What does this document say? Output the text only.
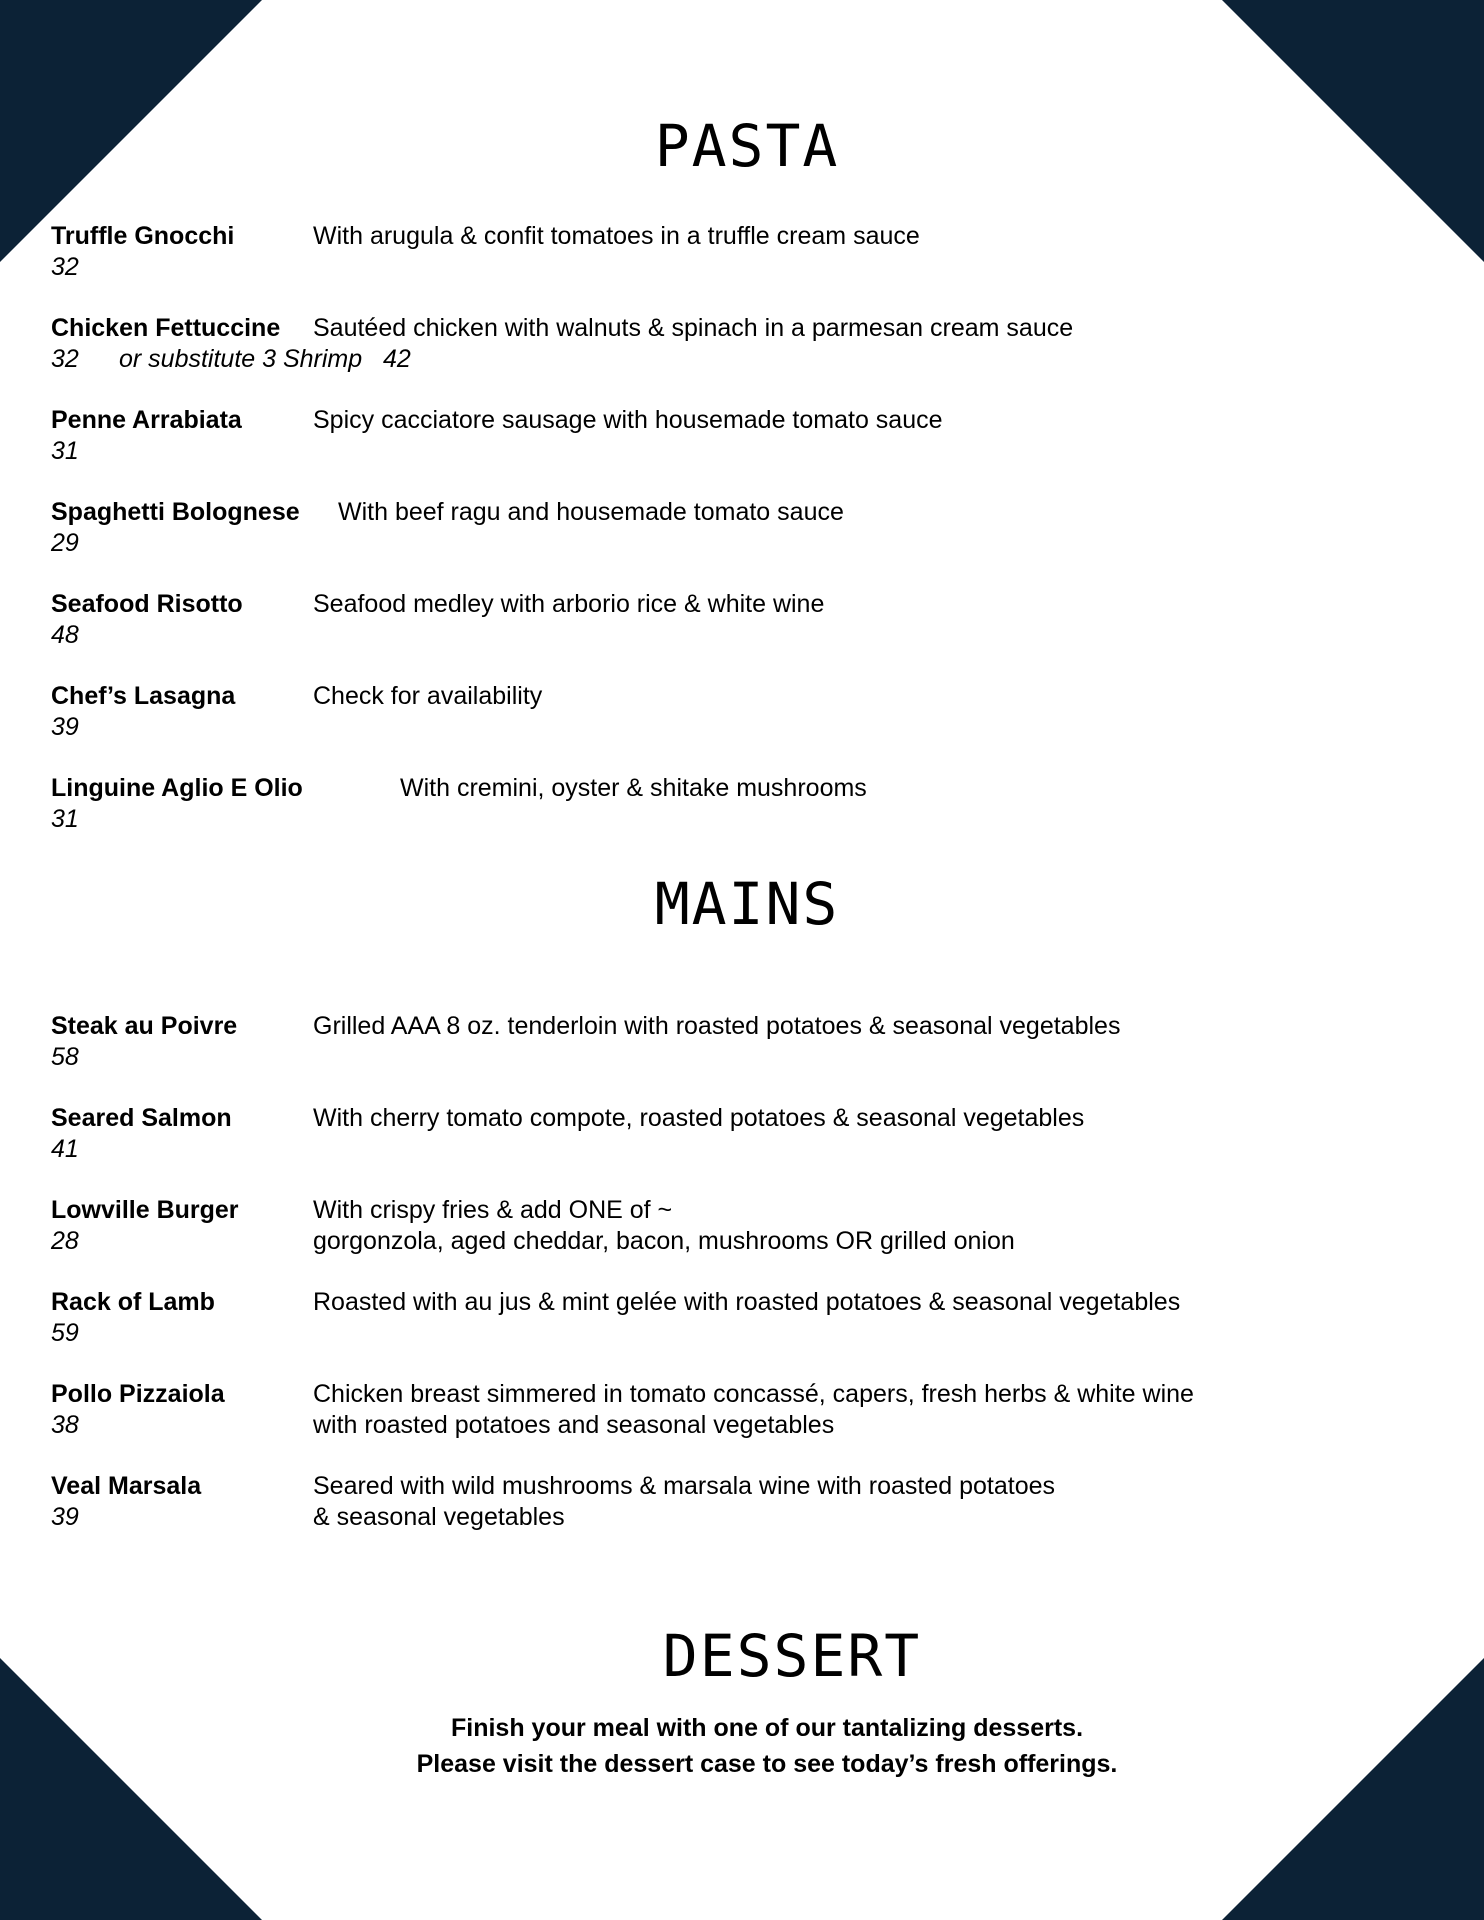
PASTA
Truffle Gnocchi
32
With arugula & confit tomatoes in a truffle cream sauce
Chicken Fettuccine
32 or substitute 3 Shrimp   42
Sautéed chicken with walnuts & spinach in a parmesan cream sauce
Penne Arrabiata
31
Spicy cacciatore sausage with housemade tomato sauce
Spaghetti Bolognese
29
With beef ragu and housemade tomato sauce
Seafood Risotto
48
Seafood medley with arborio rice & white wine
Chef’s Lasagna
39
Check for availability
Linguine Aglio E Olio
31
With cremini, oyster & shitake mushrooms
MAINS
Steak au Poivre
58
Grilled AAA 8 oz. tenderloin with roasted potatoes & seasonal vegetables
Seared Salmon
41
With cherry tomato compote, roasted potatoes & seasonal vegetables
Lowville Burger
28
With crispy fries & add ONE of ~
gorgonzola, aged cheddar, bacon, mushrooms OR grilled onion
Rack of Lamb
59
Roasted with au jus & mint gelée with roasted potatoes & seasonal vegetables
Pollo Pizzaiola
38
Chicken breast simmered in tomato concassé, capers, fresh herbs & white wine
with roasted potatoes and seasonal vegetables
Veal Marsala
39
Seared with wild mushrooms & marsala wine with roasted potatoes
& seasonal vegetables
DESSERT

Finish your meal with one of our tantalizing desserts.
Please visit the dessert case to see today’s fresh offerings.
